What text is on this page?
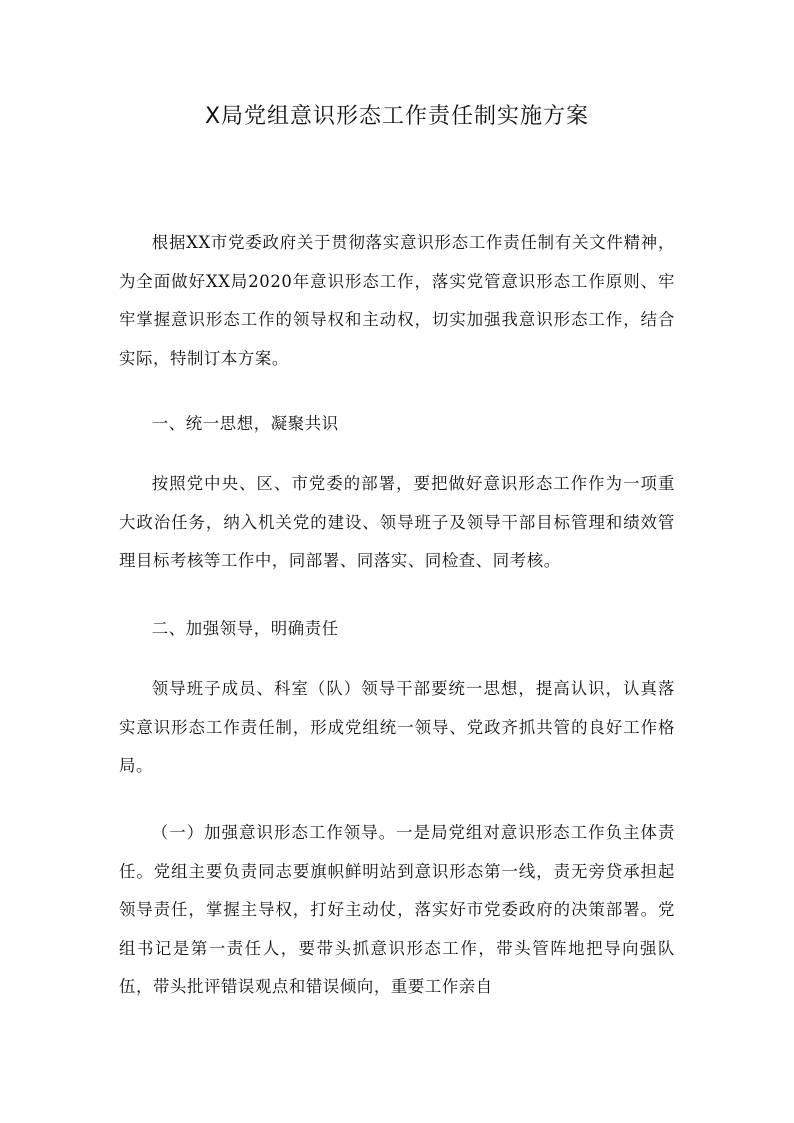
X局党组意识形态工作责任制实施方案

根据XX市党委政府关于贯彻落实意识形态工作责任制有关文件精神，为全面做好XX局2020年意识形态工作，落实党管意识形态工作原则、牢牢掌握意识形态工作的领导权和主动权，切实加强我意识形态工作，结合实际，特制订本方案。

一、统一思想，凝聚共识

按照党中央、区、市党委的部署，要把做好意识形态工作作为一项重大政治任务，纳入机关党的建设、领导班子及领导干部目标管理和绩效管理目标考核等工作中，同部署、同落实、同检查、同考核。

二、加强领导，明确责任

领导班子成员、科室（队）领导干部要统一思想，提高认识，认真落实意识形态工作责任制，形成党组统一领导、党政齐抓共管的良好工作格局。

（一）加强意识形态工作领导。一是局党组对意识形态工作负主体责任。党组主要负责同志要旗帜鲜明站到意识形态第一线，责无旁贷承担起领导责任，掌握主导权，打好主动仗，落实好市党委政府的决策部署。党组书记是第一责任人，要带头抓意识形态工作，带头管阵地把导向强队伍，带头批评错误观点和错误倾向，重要工作亲自
